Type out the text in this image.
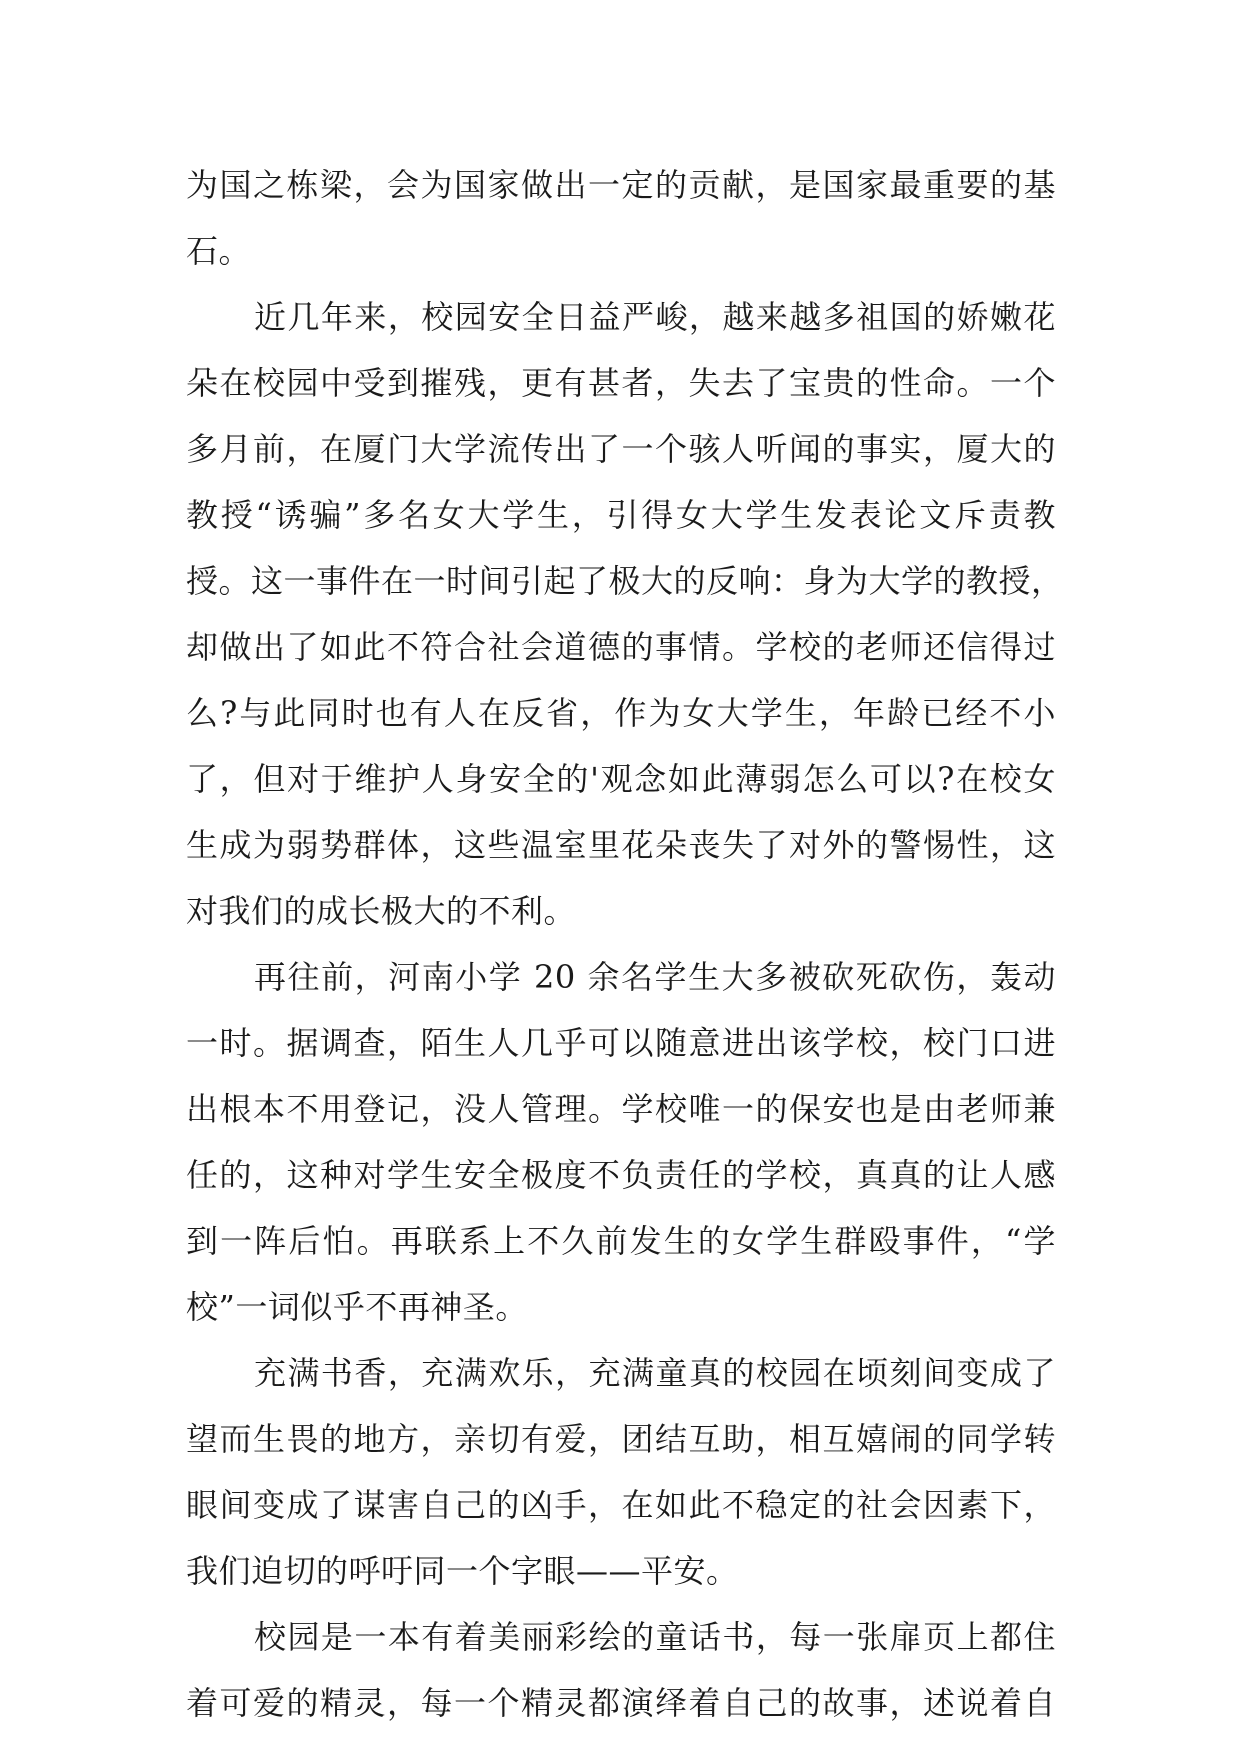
为国之栋梁，会为国家做出一定的贡献，是国家最重要的基
石。
近几年来，校园安全日益严峻，越来越多祖国的娇嫩花
朵在校园中受到摧残，更有甚者，失去了宝贵的性命。一个
多月前，在厦门大学流传出了一个骇人听闻的事实，厦大的
教授“诱骗”多名女大学生，引得女大学生发表论文斥责教
授。这一事件在一时间引起了极大的反响：身为大学的教授，
却做出了如此不符合社会道德的事情。学校的老师还信得过
么?与此同时也有人在反省，作为女大学生，年龄已经不小
了，但对于维护人身安全的'观念如此薄弱怎么可以?在校女
生成为弱势群体，这些温室里花朵丧失了对外的警惕性，这
对我们的成长极大的不利。
再往前，河南小学 20 余名学生大多被砍死砍伤，轰动
一时。据调查，陌生人几乎可以随意进出该学校，校门口进
出根本不用登记，没人管理。学校唯一的保安也是由老师兼
任的，这种对学生安全极度不负责任的学校，真真的让人感
到一阵后怕。再联系上不久前发生的女学生群殴事件，“学
校”一词似乎不再神圣。
充满书香，充满欢乐，充满童真的校园在顷刻间变成了
望而生畏的地方，亲切有爱，团结互助，相互嬉闹的同学转
眼间变成了谋害自己的凶手，在如此不稳定的社会因素下，
我们迫切的呼吁同一个字眼——平安。
校园是一本有着美丽彩绘的童话书，每一张扉页上都住
着可爱的精灵，每一个精灵都演绎着自己的故事，述说着自
